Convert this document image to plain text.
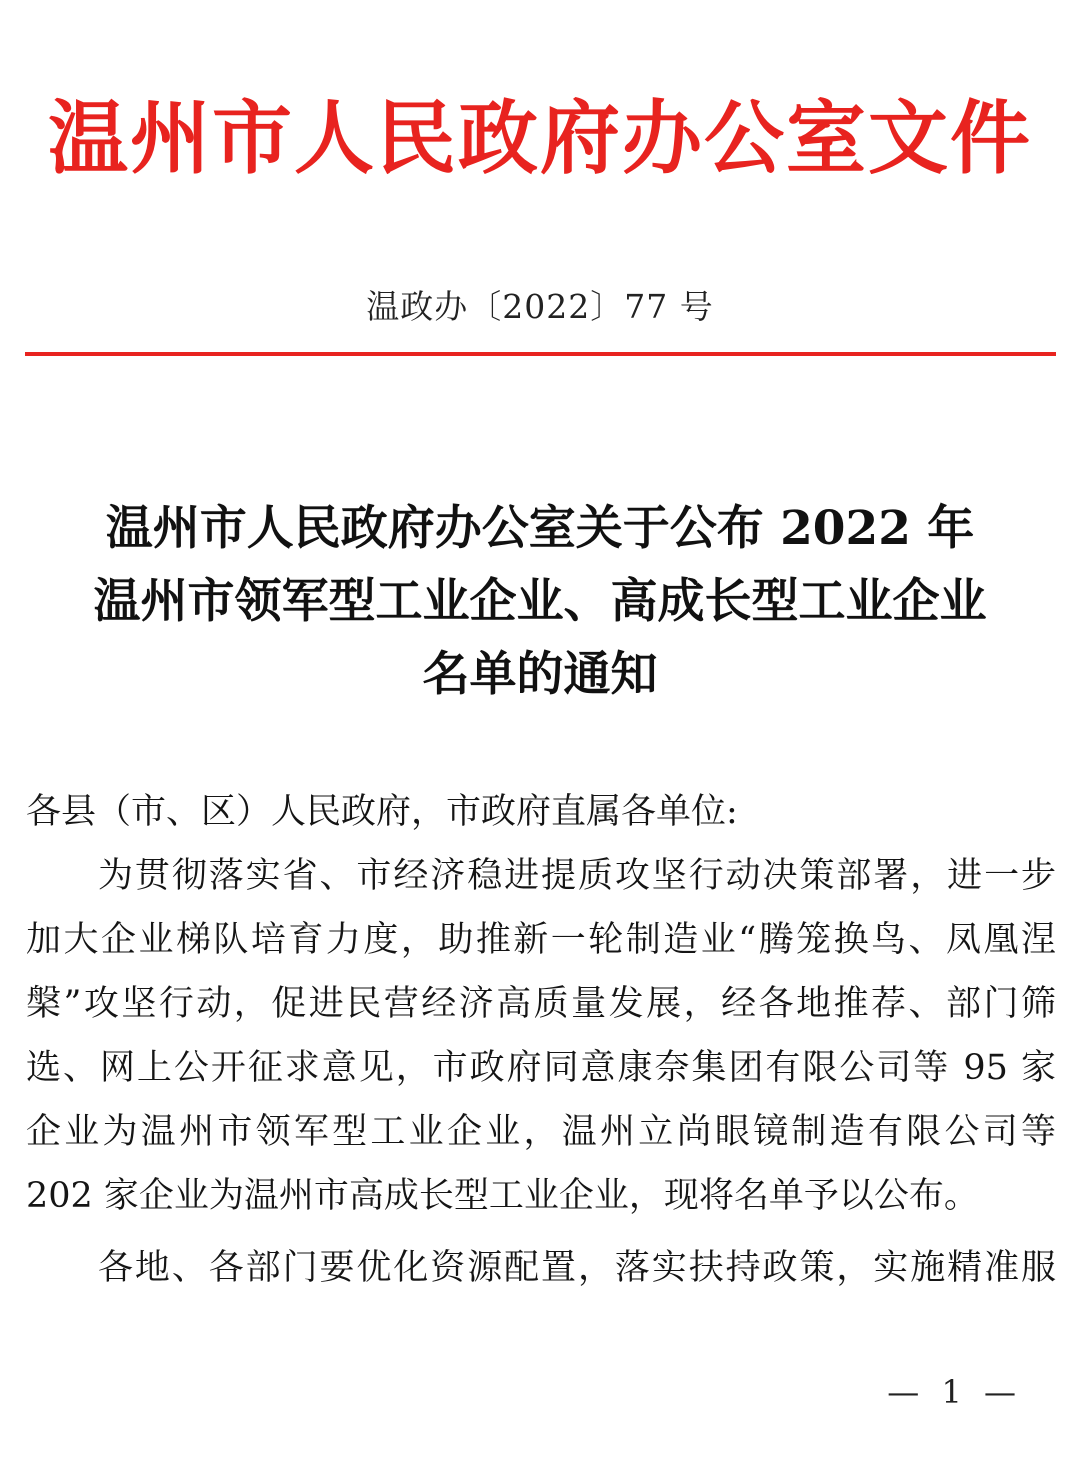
温州市人民政府办公室文件
温政办〔2022〕77 号
温州市人民政府办公室关于公布 2022 年
温州市领军型工业企业、高成长型工业企业
名单的通知
各县（市、区）人民政府，市政府直属各单位:
为贯彻落实省、市经济稳进提质攻坚行动决策部署，进一步
加大企业梯队培育力度，助推新一轮制造业“腾笼换鸟、凤凰涅
槃”攻坚行动，促进民营经济高质量发展，经各地推荐、部门筛
选、网上公开征求意见，市政府同意康奈集团有限公司等 95 家
企业为温州市领军型工业企业，温州立尚眼镜制造有限公司等
202 家企业为温州市高成长型工业企业，现将名单予以公布。
各地、各部门要优化资源配置，落实扶持政策，实施精准服
— 1 —
